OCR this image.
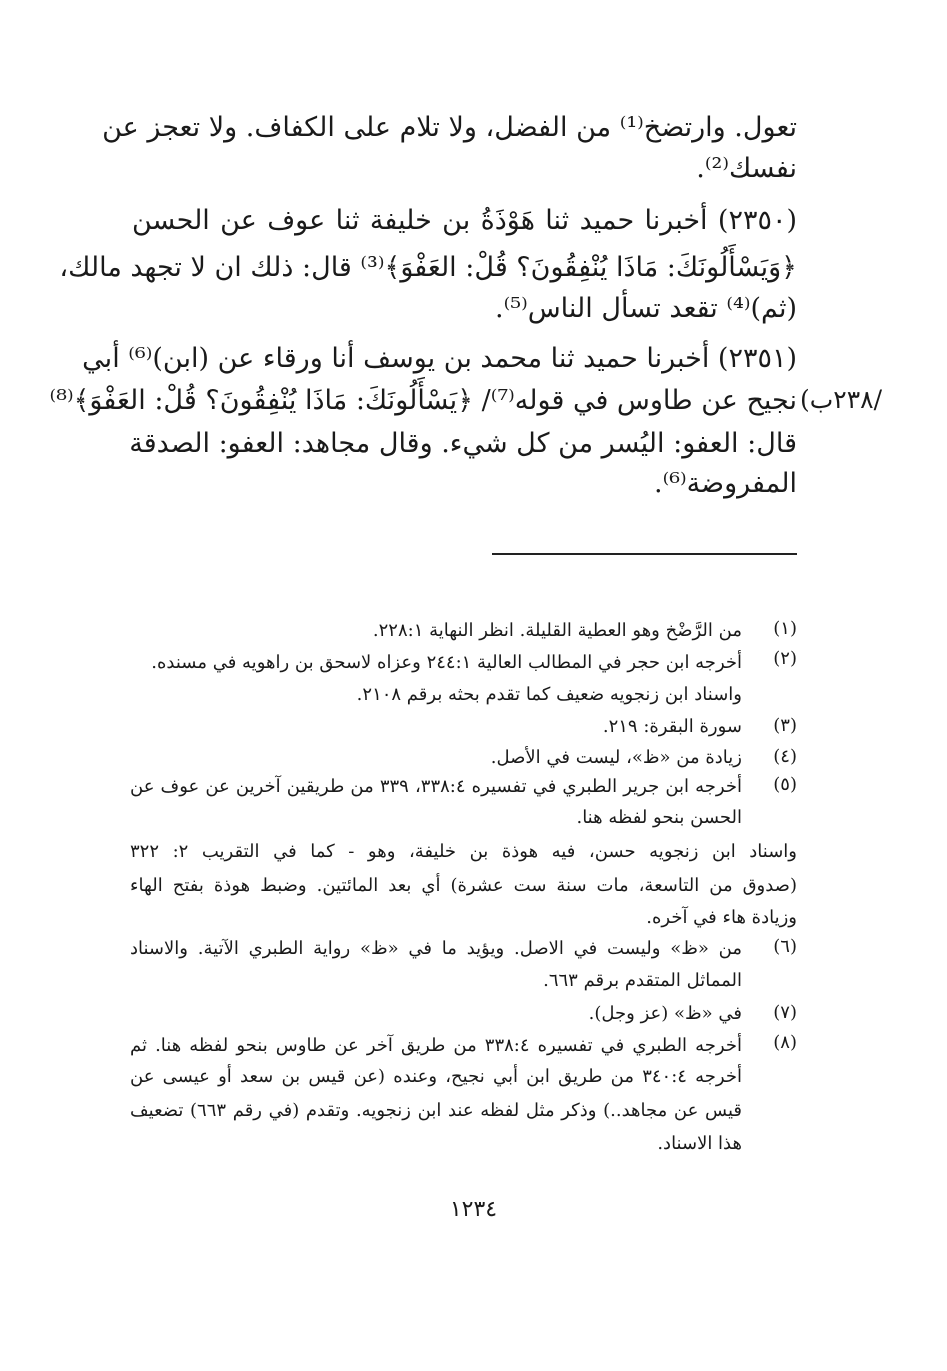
تعول. وارتضخ⁽¹⁾ من الفضل، ولا تلام على الكفاف. ولا تعجز عن
نفسك⁽²⁾.
(٢٣٥٠) أخبرنا حميد ثنا هَوْذَةُ بن خليفة ثنا عوف عن الحسن
﴿وَيَسْأَلُونَكَ: مَاذَا يُنْفِقُونَ؟ قُلْ: العَفْوَ﴾⁽³⁾ قال: ذلك ان لا تجهد مالك،
(ثم)⁽⁴⁾ تقعد تسأل الناس⁽⁵⁾.
(٢٣٥١) أخبرنا حميد ثنا محمد بن يوسف أنا ورقاء عن (ابن)⁽⁶⁾ أبي
نجيح عن طاوس في قوله⁽⁷⁾/ ﴿يَسْأَلُونَكَ: مَاذَا يُنْفِقُونَ؟ قُلْ: العَفْوَ﴾⁽⁸⁾
قال: العفو: اليُسر من كل شيء. وقال مجاهد: العفو: الصدقة
المفروضة⁽⁶⁾.
/٢٣٨ب)
(١)
(٢)
(٣)
(٤)
(٥)
(٦)
(٧)
(٨)
من الرَّضْخ وهو العطية القليلة. انظر النهاية ٢٢٨:١.
أخرجه ابن حجر في المطالب العالية ٢٤٤:١ وعزاه لاسحق بن راهويه في مسنده.
واسناد ابن زنجويه ضعيف كما تقدم بحثه برقم ٢١٠٨.
سورة البقرة: ٢١٩.
زيادة من «ظ»، ليست في الأصل.
أخرجه ابن جرير الطبري في تفسيره ٣٣٨:٤، ٣٣٩ من طريقين آخرين عن عوف عن
الحسن بنحو لفظه هنا.
واسناد ابن زنجويه حسن، فيه هوذة بن خليفة، وهو - كما في التقريب ٢: ٣٢٢
(صدوق من التاسعة، مات سنة ست عشرة) أي بعد المائتين. وضبط هوذة بفتح الهاء
وزيادة هاء في آخره.
من «ظ» وليست في الاصل. ويؤيد ما في «ظ» رواية الطبري الآتية. والاسناد
المماثل المتقدم برقم ٦٦٣.
في «ظ» (عز وجل).
أخرجه الطبري في تفسيره ٣٣٨:٤ من طريق آخر عن طاوس بنحو لفظه هنا. ثم
أخرجه ٣٤٠:٤ من طريق ابن أبي نجيح، وعنده (عن قيس بن سعد أو عيسى عن
قيس عن مجاهد..) وذكر مثل لفظه عند ابن زنجويه. وتقدم (في رقم ٦٦٣) تضعيف
هذا الاسناد.
١٢٣٤
